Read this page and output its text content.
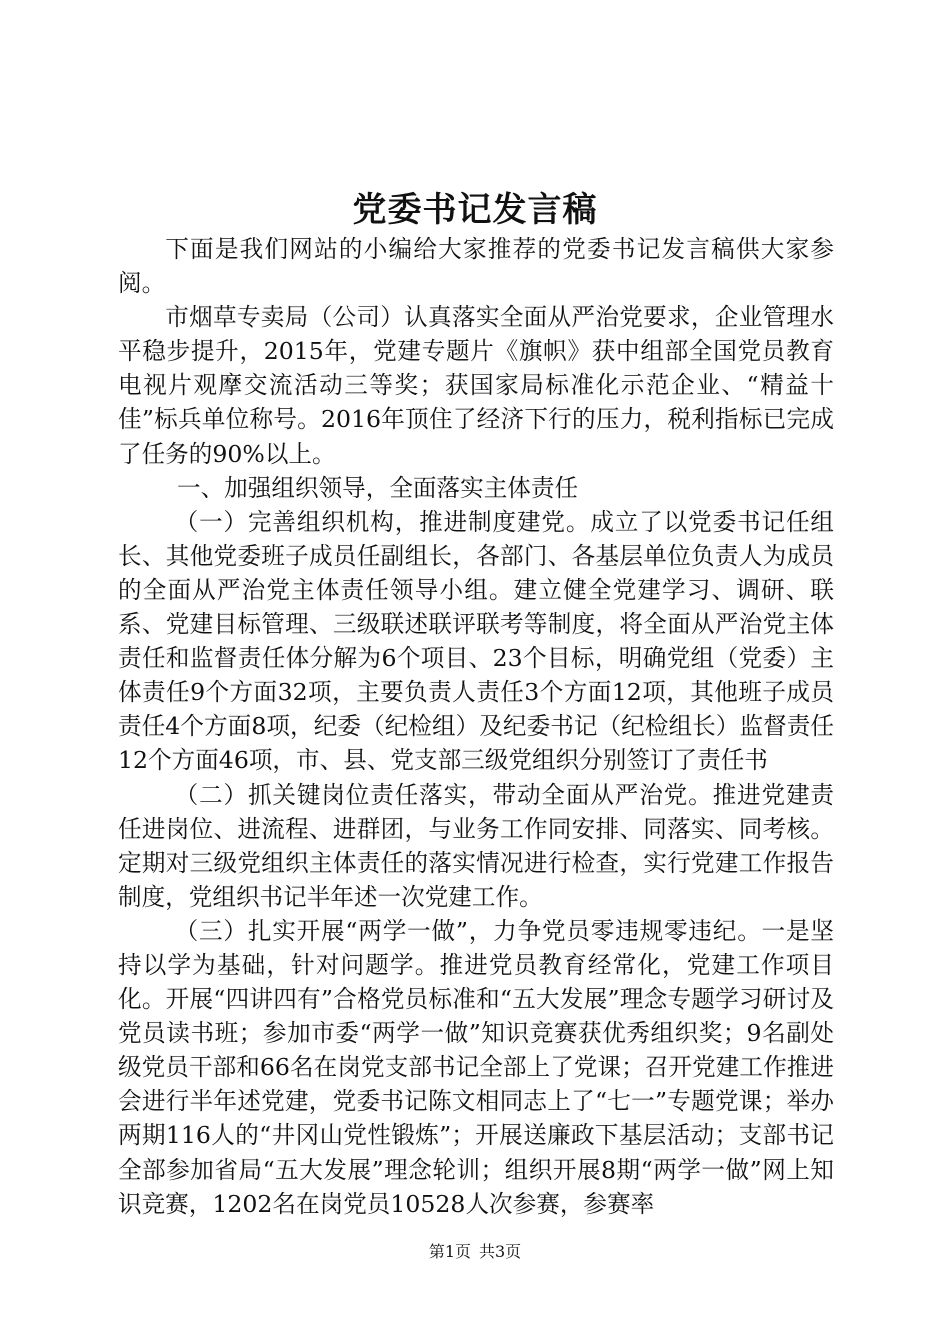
党委书记发言稿

下面是我们网站的小编给大家推荐的党委书记发言稿供大家参阅。

市烟草专卖局（公司）认真落实全面从严治党要求，企业管理水平稳步提升，2015年，党建专题片《旗帜》获中组部全国党员教育电视片观摩交流活动三等奖；获国家局标准化示范企业、“精益十佳”标兵单位称号。2016年顶住了经济下行的压力，税利指标已完成了任务的90%以上。

一、加强组织领导，全面落实主体责任

（一）完善组织机构，推进制度建党。成立了以党委书记任组长、其他党委班子成员任副组长，各部门、各基层单位负责人为成员的全面从严治党主体责任领导小组。建立健全党建学习、调研、联系、党建目标管理、三级联述联评联考等制度，将全面从严治党主体责任和监督责任体分解为6个项目、23个目标，明确党组（党委）主体责任9个方面32项，主要负责人责任3个方面12项，其他班子成员责任4个方面8项，纪委（纪检组）及纪委书记（纪检组长）监督责任12个方面46项，市、县、党支部三级党组织分别签订了责任书

（二）抓关键岗位责任落实，带动全面从严治党。推进党建责任进岗位、进流程、进群团，与业务工作同安排、同落实、同考核。定期对三级党组织主体责任的落实情况进行检查，实行党建工作报告制度，党组织书记半年述一次党建工作。

（三）扎实开展“两学一做”，力争党员零违规零违纪。一是坚持以学为基础，针对问题学。推进党员教育经常化，党建工作项目化。开展“四讲四有”合格党员标准和“五大发展”理念专题学习研讨及党员读书班；参加市委“两学一做”知识竞赛获优秀组织奖；9名副处级党员干部和66名在岗党支部书记全部上了党课；召开党建工作推进会进行半年述党建，党委书记陈文相同志上了“七一”专题党课；举办两期116人的“井冈山党性锻炼”；开展送廉政下基层活动；支部书记全部参加省局“五大发展”理念轮训；组织开展8期“两学一做”网上知识竞赛，1202名在岗党员10528人次参赛，参赛率

第1页 共3页
